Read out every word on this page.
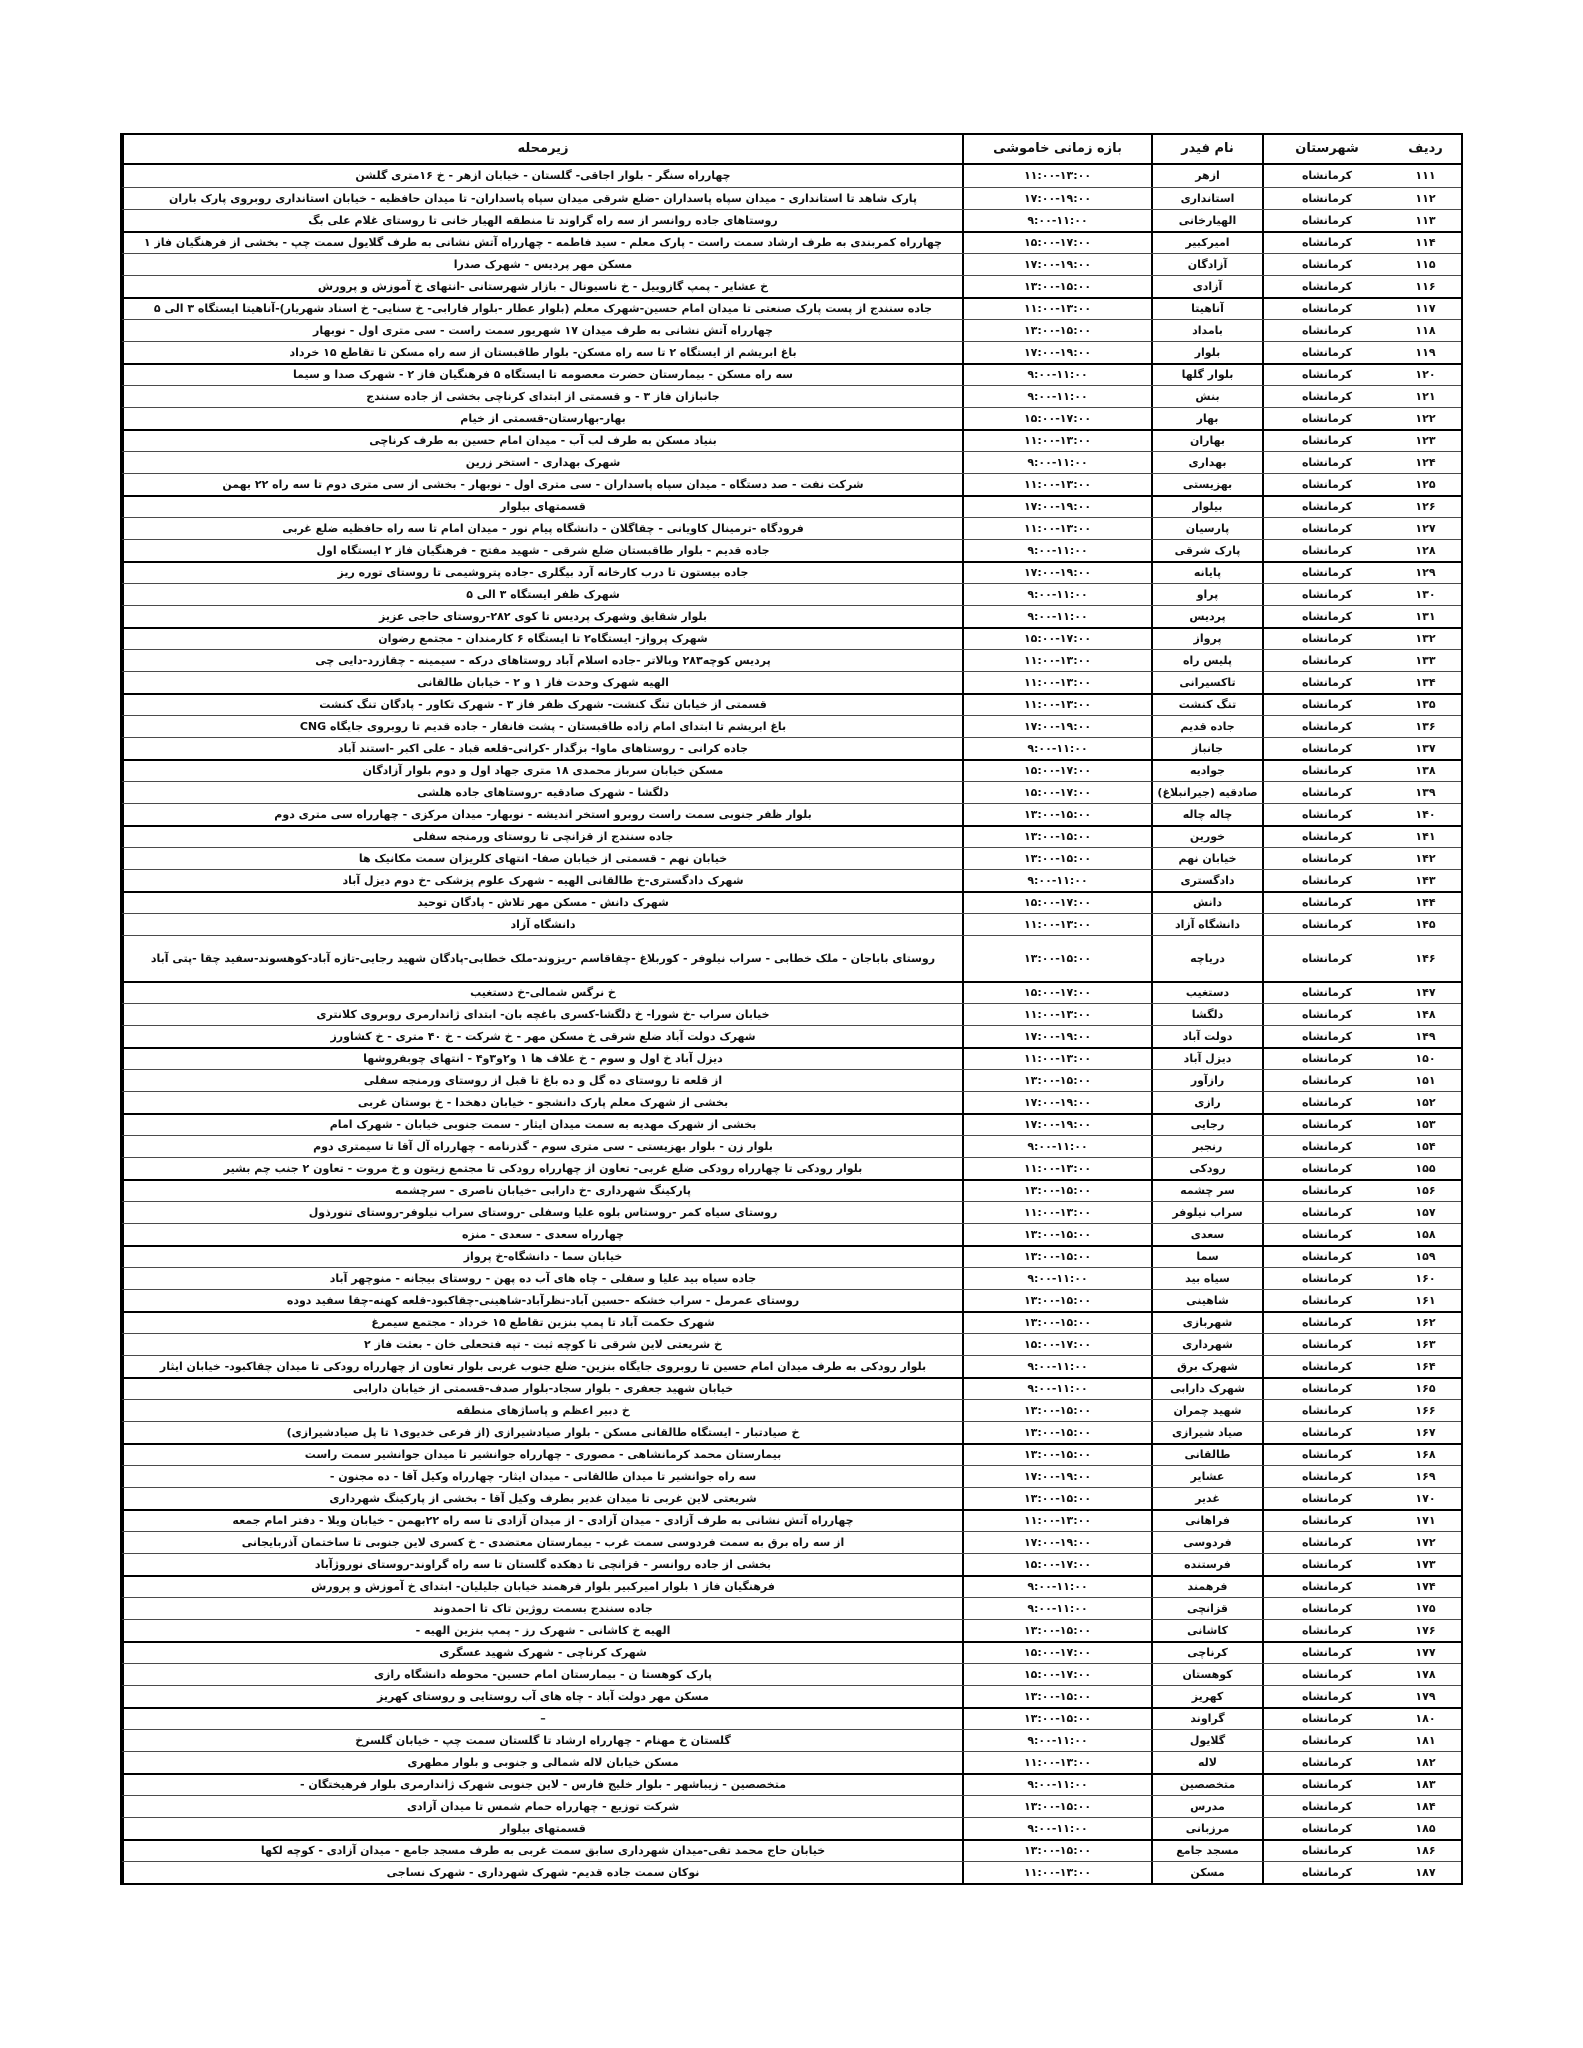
ردیف
شهرستان
نام فیدر
بازه زمانی خاموشی
زیرمحله
۱۱۱
کرمانشاه
ازهر
۱۱:۰۰-۱۳:۰۰
چهارراه سنگر - بلوار اجاقی- گلستان - خیابان ازهر - خ ۱۶متری گلشن
۱۱۲
کرمانشاه
استانداری
۱۷:۰۰-۱۹:۰۰
پارک شاهد تا استانداری - میدان سپاه پاسداران -ضلع شرقی میدان سپاه پاسداران- تا میدان حافظیه - خیابان استانداری روبروی پارک باران
۱۱۳
کرمانشاه
الهیارخانی
۹:۰۰-۱۱:۰۰
روستاهای جاده روانسر از سه راه گراوند تا منطقه الهیار خانی تا روستای غلام علی بگ
۱۱۴
کرمانشاه
امیرکبیر
۱۵:۰۰-۱۷:۰۰
چهارراه کمربندی به طرف ارشاد سمت راست - پارک معلم - سید فاطمه - چهارراه آتش نشانی به طرف گلایول سمت چپ - بخشی از فرهنگیان فاز ۱
۱۱۵
کرمانشاه
آزادگان
۱۷:۰۰-۱۹:۰۰
مسکن مهر پردیس - شهرک صدرا
۱۱۶
کرمانشاه
آزادی
۱۳:۰۰-۱۵:۰۰
خ عشایر - پمپ گازوییل - خ ناسیونال - بازار شهرستانی -انتهای خ آموزش و پرورش
۱۱۷
کرمانشاه
آناهیتا
۱۱:۰۰-۱۳:۰۰
جاده سنندج از پست پارک صنعتی تا میدان امام حسین-شهرک معلم (بلوار عطار -بلوار فارابی- خ سنایی- خ اسناد شهریار)-آناهیتا ایستگاه ۳ الی ۵
۱۱۸
کرمانشاه
بامداد
۱۳:۰۰-۱۵:۰۰
چهارراه آتش نشانی به طرف میدان ۱۷ شهریور سمت راست - سی متری اول - نوبهار
۱۱۹
کرمانشاه
بلوار
۱۷:۰۰-۱۹:۰۰
باغ ابریشم از ایستگاه ۲ تا سه راه مسکن- بلوار طاقبستان از سه راه مسکن تا تقاطع ۱۵ خرداد
۱۲۰
کرمانشاه
بلوار گلها
۹:۰۰-۱۱:۰۰
سه راه مسکن - بیمارستان حضرت معصومه تا ایستگاه ۵ فرهنگیان فاز ۲ - شهرک صدا و سیما
۱۲۱
کرمانشاه
بنش
۹:۰۰-۱۱:۰۰
جانبازان فاز ۳ - و قسمتی از ابتدای کرناچی بخشی از جاده سنندج
۱۲۲
کرمانشاه
بهار
۱۵:۰۰-۱۷:۰۰
بهار-بهارستان-قسمتی از خیام
۱۲۳
کرمانشاه
بهاران
۱۱:۰۰-۱۳:۰۰
بنیاد مسکن به طرف لب آب - میدان امام حسین به طرف کرناچی
۱۲۴
کرمانشاه
بهداری
۹:۰۰-۱۱:۰۰
شهرک بهداری - استخر زرین
۱۲۵
کرمانشاه
بهزیستی
۱۱:۰۰-۱۳:۰۰
شرکت نفت - صد دستگاه - میدان سپاه پاسداران - سی متری اول - نوبهار - بخشی از سی متری دوم تا سه راه ۲۲ بهمن
۱۲۶
کرمانشاه
بیلوار
۱۷:۰۰-۱۹:۰۰
قسمتهای بیلوار
۱۲۷
کرمانشاه
پارسیان
۱۱:۰۰-۱۳:۰۰
فرودگاه -ترمینال کاویانی - چقاگلان - دانشگاه پیام نور - میدان امام تا سه راه حافظیه ضلع غربی
۱۲۸
کرمانشاه
پارک شرقی
۹:۰۰-۱۱:۰۰
جاده قدیم - بلوار طاقبستان ضلع شرقی - شهید مفتح - فرهنگیان فاز ۲ ایستگاه اول
۱۲۹
کرمانشاه
پایانه
۱۷:۰۰-۱۹:۰۰
جاده بیستون تا درب کارخانه آرد بیگلری -جاده پتروشیمی تا روستای توره ریز
۱۳۰
کرمانشاه
پراو
۹:۰۰-۱۱:۰۰
شهرک ظفر ایستگاه ۳ الی ۵
۱۳۱
کرمانشاه
پردیس
۹:۰۰-۱۱:۰۰
بلوار شقایق وشهرک پردیس تا کوی ۲۸۲-روستای حاجی عزیز
۱۳۲
کرمانشاه
پرواز
۱۵:۰۰-۱۷:۰۰
شهرک پرواز- ایستگاه۲ تا ایستگاه ۶ کارمندان - مجتمع رضوان
۱۳۳
کرمانشاه
پلیس راه
۱۱:۰۰-۱۳:۰۰
پردیس کوچه۲۸۳ وبالاتر -جاده اسلام آباد روستاهای درکه - سیمینه - چقازرد-دایی چی
۱۳۴
کرمانشاه
تاکسیرانی
۱۱:۰۰-۱۳:۰۰
الهیه شهرک وحدت فاز ۱ و ۲ - خیابان طالقانی
۱۳۵
کرمانشاه
تنگ کنشت
۱۱:۰۰-۱۳:۰۰
قسمتی از خیابان تنگ کنشت- شهرک ظفر فاز ۳ - شهرک تکاور - پادگان تنگ کنشت
۱۳۶
کرمانشاه
جاده قدیم
۱۷:۰۰-۱۹:۰۰
باغ ابریشم تا ابتدای امام زاده طاقبستان - پشت فانفار - جاده قدیم تا روبروی جایگاه CNG
۱۳۷
کرمانشاه
جانباز
۹:۰۰-۱۱:۰۰
جاده کرانی - روستاهای ماوا- بزگدار -کرانی-قلعه قباد - علی اکبر -استند آباد
۱۳۸
کرمانشاه
جوادیه
۱۵:۰۰-۱۷:۰۰
مسکن خیابان سرباز محمدی ۱۸ متری جهاد اول و دوم بلوار آزادگان
۱۳۹
کرمانشاه
صادقیه (جیرانبلاغ)
۱۵:۰۰-۱۷:۰۰
دلگشا - شهرک صادقیه -روستاهای جاده هلشی
۱۴۰
کرمانشاه
چاله چاله
۱۳:۰۰-۱۵:۰۰
بلوار ظفر جنوبی سمت راست روبرو استخر اندیشه - نوبهار- میدان مرکزی - چهارراه سی متری دوم
۱۴۱
کرمانشاه
خورین
۱۳:۰۰-۱۵:۰۰
جاده سنندج از قزانچی تا روستای ورمنجه سفلی
۱۴۲
کرمانشاه
خیابان نهم
۱۳:۰۰-۱۵:۰۰
خیابان نهم - قسمتی از خیابان صفا- انتهای کلریزان سمت مکانیک ها
۱۴۳
کرمانشاه
دادگستری
۹:۰۰-۱۱:۰۰
شهرک دادگستری-خ طالقانی الهیه - شهرک علوم پزشکی -خ دوم دیزل آباد
۱۴۴
کرمانشاه
دانش
۱۵:۰۰-۱۷:۰۰
شهرک دانش - مسکن مهر تلاش - پادگان توحید
۱۴۵
کرمانشاه
دانشگاه آزاد
۱۱:۰۰-۱۳:۰۰
دانشگاه آزاد
۱۴۶
کرمانشاه
دریاچه
۱۳:۰۰-۱۵:۰۰
روستای باباجان - ملک خطابی - سراب نیلوفر - کوربلاغ -چقاقاسم -ریزوند-ملک خطابی-پادگان شهید رجایی-تازه آباد-کوهسوند-سفید چقا -پتی آباد
۱۴۷
کرمانشاه
دستغیب
۱۵:۰۰-۱۷:۰۰
خ نرگس شمالی-خ دستغیب
۱۴۸
کرمانشاه
دلگشا
۱۱:۰۰-۱۳:۰۰
خیابان سراب -خ شورا- خ دلگشا-کسری باغچه بان- ابتدای ژاندارمری روبروی کلانتری
۱۴۹
کرمانشاه
دولت آباد
۱۷:۰۰-۱۹:۰۰
شهرک دولت آباد ضلع شرقی خ مسکن مهر - خ شرکت - خ ۴۰ متری - خ کشاورز
۱۵۰
کرمانشاه
دیزل آباد
۱۱:۰۰-۱۳:۰۰
دیزل آباد خ اول و سوم - خ علاف ها ۱ و۲و۳و۴ - انتهای چوبفروشها
۱۵۱
کرمانشاه
رازآور
۱۳:۰۰-۱۵:۰۰
از قلعه تا روستای ده گل و ده باغ تا قبل از روستای ورمنجه سفلی
۱۵۲
کرمانشاه
رازی
۱۷:۰۰-۱۹:۰۰
بخشی از شهرک معلم پارک دانشجو - خیابان دهخدا - خ بوستان غربی
۱۵۳
کرمانشاه
رجایی
۱۷:۰۰-۱۹:۰۰
بخشی از شهرک مهدیه به سمت میدان ایثار - سمت جنوبی خیابان - شهرک امام
۱۵۴
کرمانشاه
رنجبر
۹:۰۰-۱۱:۰۰
بلوار زن - بلوار بهزیستی - سی متری سوم - گذرنامه - چهارراه آل آقا تا سیمتری دوم
۱۵۵
کرمانشاه
رودکی
۱۱:۰۰-۱۳:۰۰
بلوار رودکی تا چهارراه رودکی ضلع غربی- تعاون از چهارراه رودکی تا مجتمع زیتون و خ مروت - تعاون ۲ جنب چم بشیر
۱۵۶
کرمانشاه
سر چشمه
۱۳:۰۰-۱۵:۰۰
پارکینگ شهرداری -خ دارابی -خیابان ناصری - سرچشمه
۱۵۷
کرمانشاه
سراب نیلوفر
۱۱:۰۰-۱۳:۰۰
روستای سیاه کمر -روستاس بلوه علیا وسفلی -روستای سراب نیلوفر-روستای تنورذول
۱۵۸
کرمانشاه
سعدی
۱۳:۰۰-۱۵:۰۰
چهارراه سعدی - سعدی - منزه
۱۵۹
کرمانشاه
سما
۱۳:۰۰-۱۵:۰۰
خیابان سما - دانشگاه-خ پرواز
۱۶۰
کرمانشاه
سیاه بید
۹:۰۰-۱۱:۰۰
جاده سیاه بید علیا و سفلی - چاه های آب ده پهن - روستای بیجانه - منوچهر آباد
۱۶۱
کرمانشاه
شاهینی
۱۳:۰۰-۱۵:۰۰
روستای عمرمل - سراب خشکه -حسین آباد-نظرآباد-شاهینی-چقاکبود-قلعه کهنه-چقا سفید دوده
۱۶۲
کرمانشاه
شهربازی
۱۳:۰۰-۱۵:۰۰
شهرک حکمت آباد تا پمپ بنزین تقاطع ۱۵ خرداد - مجتمع سیمرغ
۱۶۳
کرمانشاه
شهرداری
۱۵:۰۰-۱۷:۰۰
خ شریعتی لاین شرقی تا کوچه ثبت - تپه فتحعلی خان - بعثت فاز ۲
۱۶۴
کرمانشاه
شهرک برق
۹:۰۰-۱۱:۰۰
بلوار رودکی به طرف میدان امام حسین تا روبروی جایگاه بنزین- ضلع جنوب غربی بلوار تعاون از چهارراه رودکی تا میدان چقاکبود- خیابان ایثار
۱۶۵
کرمانشاه
شهرک دارابی
۹:۰۰-۱۱:۰۰
خیابان شهید جعفری - بلوار سجاد-بلوار صدف-قسمتی از خیابان دارابی
۱۶۶
کرمانشاه
شهید چمران
۱۳:۰۰-۱۵:۰۰
خ دبیر اعظم و پاساژهای منطقه
۱۶۷
کرمانشاه
صیاد شیرازی
۱۳:۰۰-۱۵:۰۰
خ صیادتبار - ایستگاه طالقانی مسکن - بلوار صیادشیرازی (از فرعی خدیوی۱ تا پل صیادشیرازی)
۱۶۸
کرمانشاه
طالقانی
۱۳:۰۰-۱۵:۰۰
بیمارستان محمد کرمانشاهی - مصوری - چهارراه جوانشیر تا میدان جوانشیر سمت راست
۱۶۹
کرمانشاه
عشایر
۱۷:۰۰-۱۹:۰۰
سه راه جوانشیر تا میدان طالقانی - میدان ایثار- چهارراه وکیل آقا - ده مجنون -
۱۷۰
کرمانشاه
غدیر
۱۳:۰۰-۱۵:۰۰
شریعتی لاین غربی تا میدان غدیر بطرف وکیل آقا - بخشی از پارکینگ شهرداری
۱۷۱
کرمانشاه
فراهانی
۱۱:۰۰-۱۳:۰۰
چهارراه آتش نشانی به طرف آزادی - میدان آزادی - از میدان آزادی تا سه راه ۲۲بهمن - خیابان ویلا - دفتر امام جمعه
۱۷۲
کرمانشاه
فردوسی
۱۷:۰۰-۱۹:۰۰
از سه راه برق به سمت فردوسی سمت غرب - بیمارستان معتضدی - خ کسری لاین جنوبی تا ساختمان آذربایجانی
۱۷۳
کرمانشاه
فرستنده
۱۵:۰۰-۱۷:۰۰
بخشی از جاده روانسر - قزانچی تا دهکده گلستان تا سه راه گراوند-روستای نوروژآباد
۱۷۴
کرمانشاه
فرهمند
۹:۰۰-۱۱:۰۰
فرهنگیان فاز ۱ بلوار امیرکبیر بلوار فرهمند خیابان جلیلیان- ابتدای خ آموزش و پرورش
۱۷۵
کرمانشاه
قزانچی
۹:۰۰-۱۱:۰۰
جاده سنندج بسمت روژین تاک تا احمدوند
۱۷۶
کرمانشاه
کاشانی
۱۳:۰۰-۱۵:۰۰
الهیه خ کاشانی - شهرک رز - پمپ بنزین الهیه -
۱۷۷
کرمانشاه
کرناچی
۱۵:۰۰-۱۷:۰۰
شهرک کرناچی - شهرک شهید عسگری
۱۷۸
کرمانشاه
کوهستان
۱۵:۰۰-۱۷:۰۰
پارک کوهستا ن - بیمارستان امام حسین- محوطه دانشگاه رازی
۱۷۹
کرمانشاه
کهریز
۱۳:۰۰-۱۵:۰۰
مسکن مهر دولت آباد - چاه های آب روستایی و روستای کهریز
۱۸۰
کرمانشاه
گراوند
۱۳:۰۰-۱۵:۰۰
–
۱۸۱
کرمانشاه
گلایول
۹:۰۰-۱۱:۰۰
گلستان خ مهنام - چهارراه ارشاد تا گلستان سمت چپ - خیابان گلسرخ
۱۸۲
کرمانشاه
لاله
۱۱:۰۰-۱۳:۰۰
مسکن خیابان لاله شمالی و جنوبی و بلوار مطهری
۱۸۳
کرمانشاه
متخصصین
۹:۰۰-۱۱:۰۰
متخصصین - زیباشهر - بلوار خلیج فارس - لاین جنوبی شهرک ژاندارمری بلوار فرهیختگان -
۱۸۴
کرمانشاه
مدرس
۱۳:۰۰-۱۵:۰۰
شرکت توزیع - چهارراه حمام شمس تا میدان آزادی
۱۸۵
کرمانشاه
مرزبانی
۹:۰۰-۱۱:۰۰
قسمتهای بیلوار
۱۸۶
کرمانشاه
مسجد جامع
۱۳:۰۰-۱۵:۰۰
خیابان حاج محمد تقی-میدان شهرداری سابق سمت غربی به طرف مسجد جامع - میدان آزادی - کوچه لکها
۱۸۷
کرمانشاه
مسکن
۱۱:۰۰-۱۳:۰۰
نوکان سمت جاده قدیم- شهرک شهرداری - شهرک نساجی
